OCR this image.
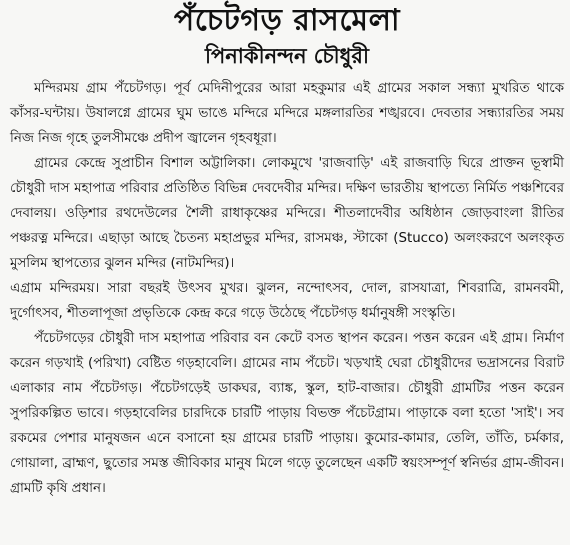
পঁচেটগড় রাসমেলা
পিনাকীনন্দন চৌধুরী

মন্দিরময় গ্রাম পঁচেটগড়। পূর্ব মেদিনীপুরের আরা মহকুমার এই গ্রামের সকাল সন্ধ্যা মুখরিত থাকে কাঁসর-ঘন্টায়। উষালগ্নে গ্রামের ঘুম ভাঙে মন্দিরে মন্দিরে মঙ্গলারতির শঙ্খরবে। দেবতার সন্ধ্যারতির সময় নিজ নিজ গৃহে তুলসীমঞ্চে প্রদীপ জ্বালেন গৃহবধূরা।

গ্রামের কেন্দ্রে সুপ্রাচীন বিশাল অট্টালিকা। লোকমুখে 'রাজবাড়ি' এই রাজবাড়ি ঘিরে প্রাক্তন ভূস্বামী চৌধুরী দাস মহাপাত্র পরিবার প্রতিষ্ঠিত বিভিন্ন দেবদেবীর মন্দির। দক্ষিণ ভারতীয় স্থাপত্যে নির্মিত পঞ্চশিবের দেবালয়। ওড়িশার রথদেউলের শৈলী রাধাকৃষ্ণের মন্দিরে। শীতলাদেবীর অধিষ্ঠান জোড়বাংলা রীতির পঞ্চরত্ন মন্দিরে। এছাড়া আছে চৈতন্য মহাপ্রভুর মন্দির, রাসমঞ্চ, স্টাকো (Stucco) অলংকরণে অলংকৃত মুসলিম স্থাপত্যের ঝুলন মন্দির (নাটমন্দির)।

এগ্রাম মন্দিরময়। সারা বছরই উৎসব মুখর। ঝুলন, নন্দোৎসব, দোল, রাসযাত্রা, শিবরাত্রি, রামনবমী, দুর্গোৎসব, শীতলাপূজা প্রভৃতিকে কেন্দ্র করে গড়ে উঠেছে পঁচেটগড় ধর্মানুষঙ্গী সংস্কৃতি।

পঁচেটগড়ের চৌধুরী দাস মহাপাত্র পরিবার বন কেটে বসত স্থাপন করেন। পত্তন করেন এই গ্রাম। নির্মাণ করেন গড়খাই (পরিখা) বেষ্টিত গড়হাবেলি। গ্রামের নাম পঁচেট। খড়খাই ঘেরা চৌধুরীদের ভদ্রাসনের বিরাট এলাকার নাম পঁচেটগড়। পঁচেটগড়েই ডাকঘর, ব্যাঙ্ক, স্কুল, হাট-বাজার। চৌধুরী গ্রামটির পত্তন করেন সুপরিকল্পিত ভাবে। গড়হাবেলির চারদিকে চারটি পাড়ায় বিভক্ত পঁচেটগ্রাম। পাড়াকে বলা হতো 'সাই'। সব রকমের পেশার মানুষজন এনে বসানো হয় গ্রামের চারটি পাড়ায়। কুমোর-কামার, তেলি, তাঁতি, চর্মকার, গোয়ালা, ব্রাহ্মণ, ছুতোর সমস্ত জীবিকার মানুষ মিলে গড়ে তুলেছেন একটি স্বয়ংসম্পূর্ণ স্বনির্ভর গ্রাম-জীবন। গ্রামটি কৃষি প্রধান।
